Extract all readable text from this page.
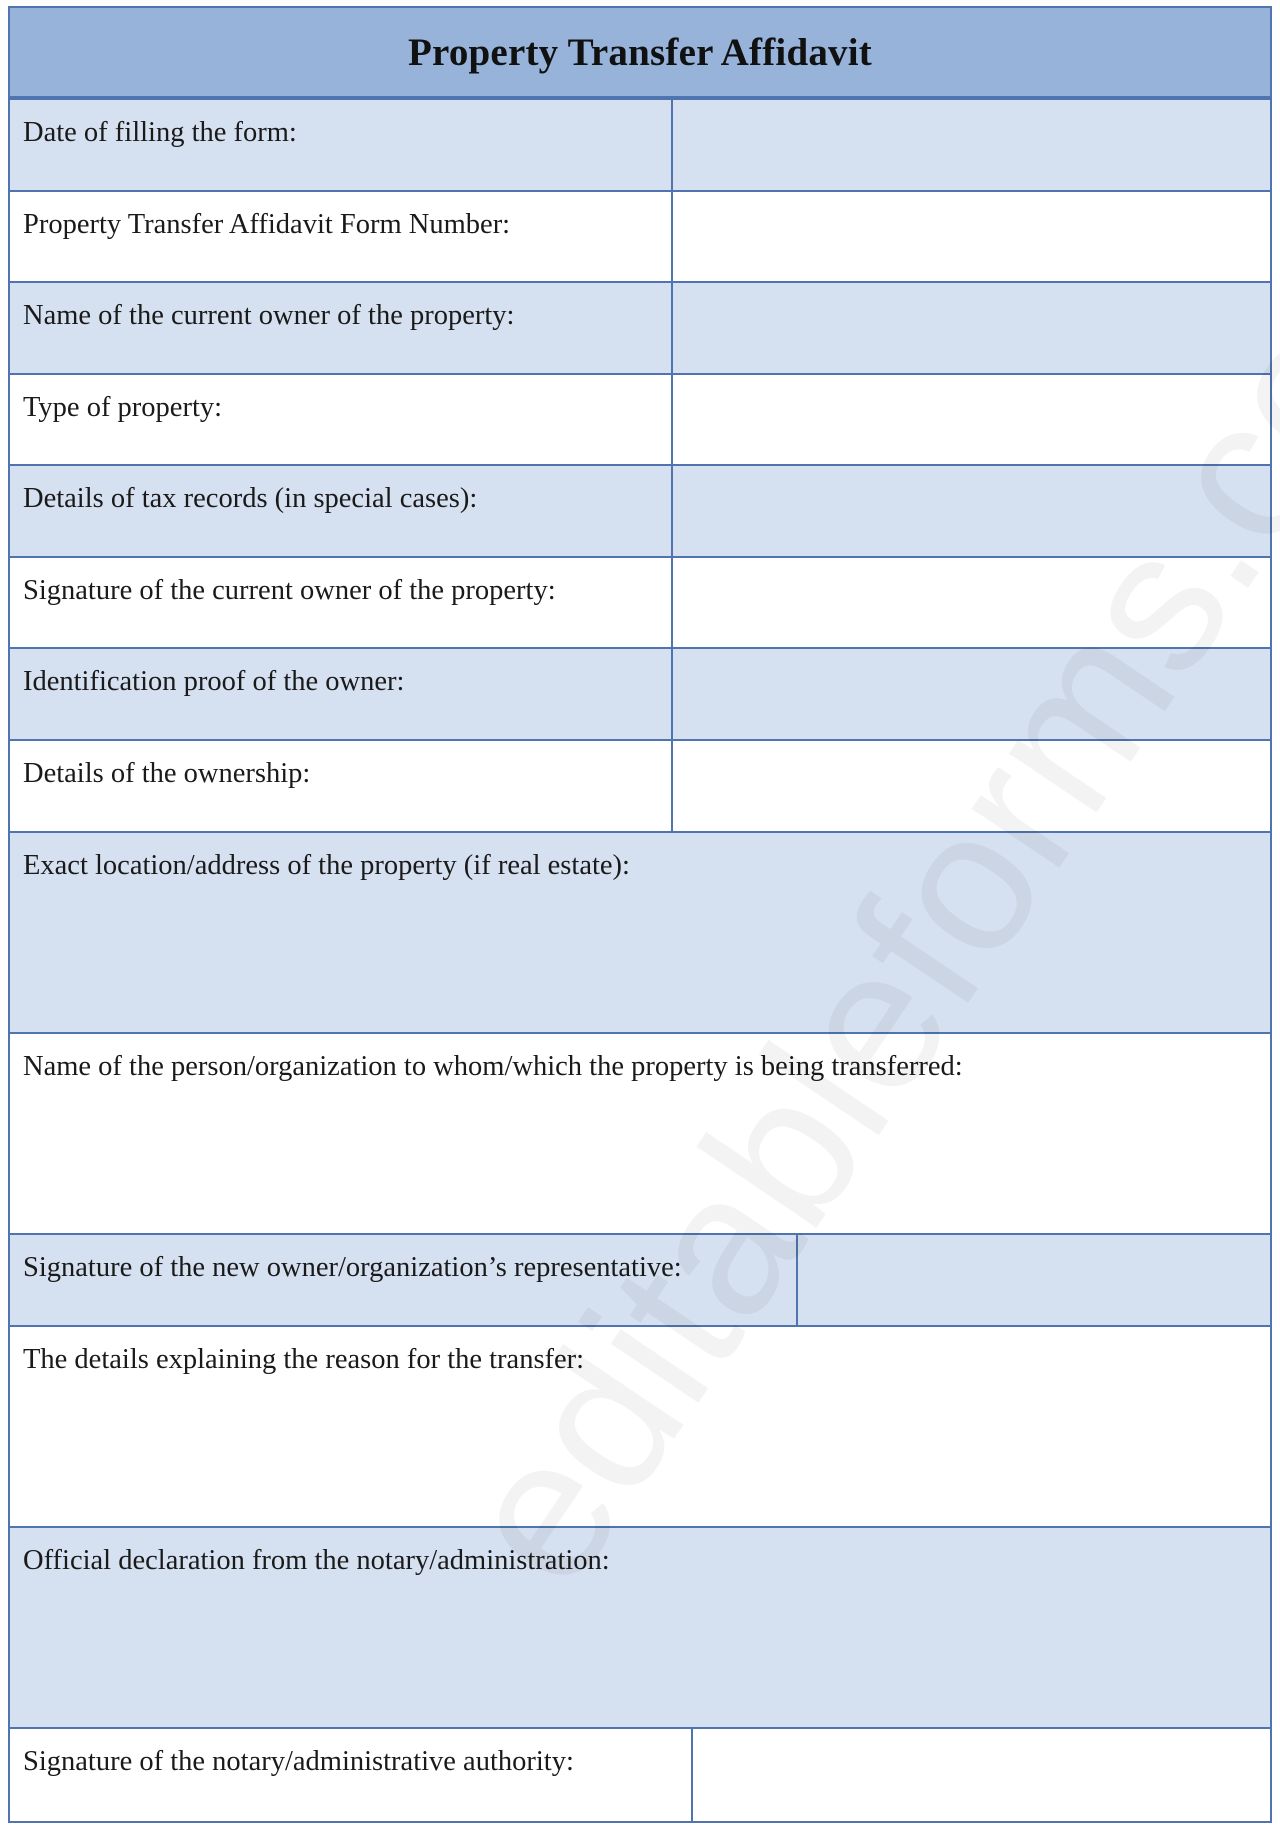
Property Transfer Affidavit
Date of filling the form:
Property Transfer Affidavit Form Number:
Name of the current owner of the property:
Type of property:
Details of tax records (in special cases):
Signature of the current owner of the property:
Identification proof of the owner:
Details of the ownership:
Exact location/address of the property (if real estate):
Name of the person/organization to whom/which the property is being transferred:
Signature of the new owner/organization’s representative:
The details explaining the reason for the transfer:
Official declaration from the notary/administration:
Signature of the notary/administrative authority:
